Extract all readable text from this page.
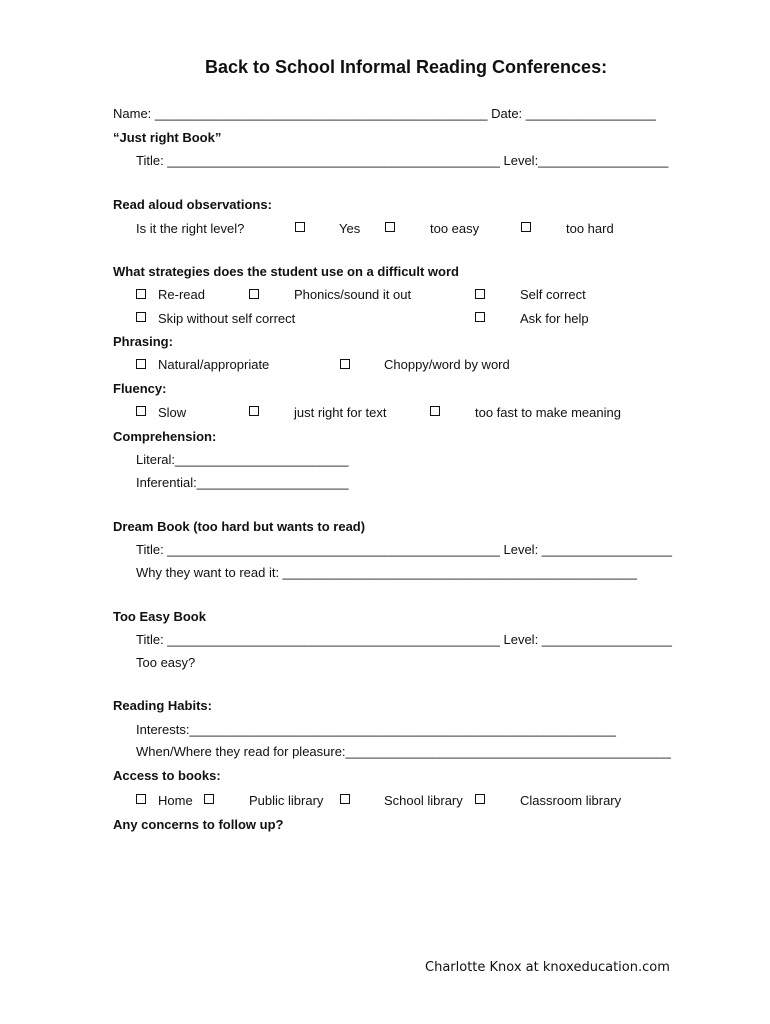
Back to School Informal Reading Conferences:
Name: ______________________________________________ Date: __________________
“Just right Book”
Title: ______________________________________________ Level:__________________
Read aloud observations:
Is it the right level?	Yes	too easy	too hard
What strategies does the student use on a difficult word
Re-read	Phonics/sound it out	Self correct
Skip without self correct	Ask for help
Phrasing:
Natural/appropriate	Choppy/word by word
Fluency:
Slow	just right for text	too fast to make meaning
Comprehension:
Literal:________________________
Inferential:_____________________
Dream Book (too hard but wants to read)
Title: ______________________________________________ Level: __________________
Why they want to read it: _________________________________________________
Too Easy Book
Title: ______________________________________________ Level: __________________
Too easy?
Reading Habits:
Interests:___________________________________________________________
When/Where they read for pleasure:_____________________________________________
Access to books:
Home	Public library	School library	Classroom library
Any concerns to follow up?
Charlotte Knox at knoxeducation.com
